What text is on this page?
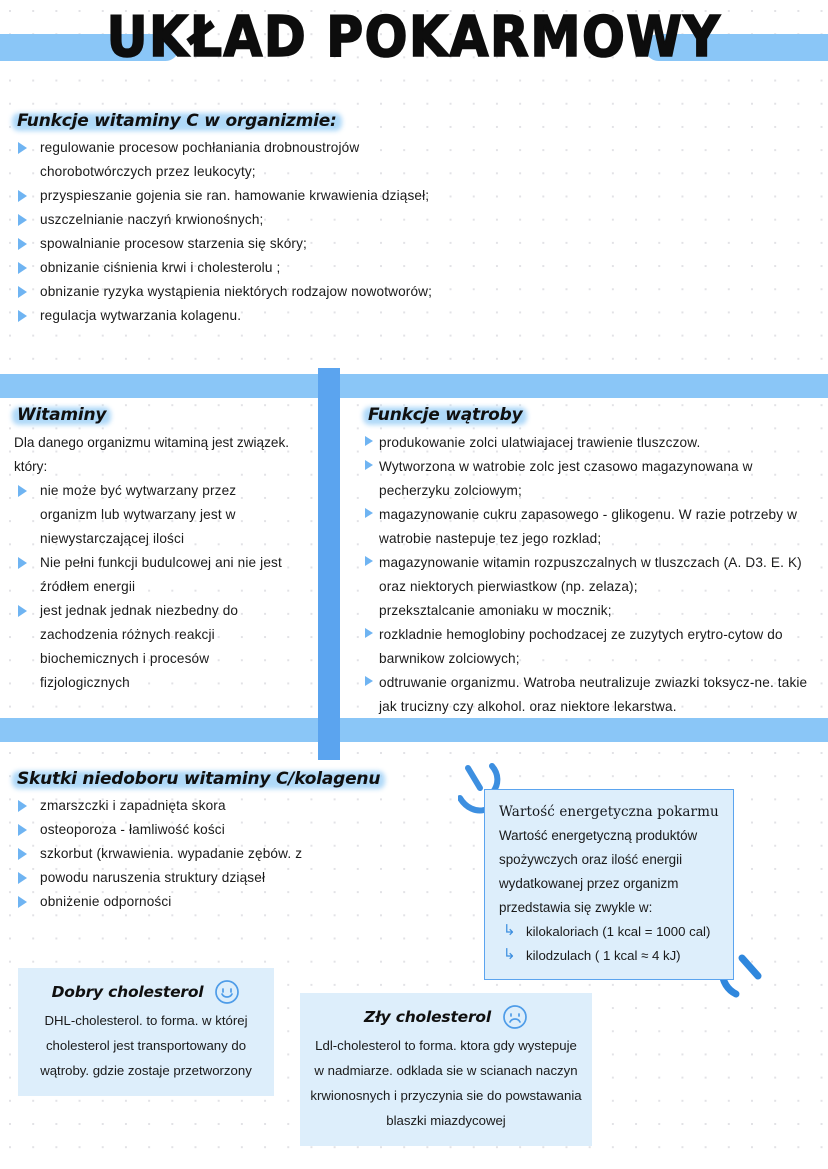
UKŁAD POKARMOWY
Funkcje witaminy C w organizmie:
regulowanie procesow pochłaniania drobnoustrojów chorobotwórczych przez leukocyty;
przyspieszanie gojenia sie ran. hamowanie krwawienia dziąseł;
uszczelnianie naczyń krwionośnych;
spowalnianie procesow starzenia się skóry;
obnizanie ciśnienia krwi i cholesterolu ;
obnizanie ryzyka wystąpienia niektórych rodzajow nowotworów;
regulacja wytwarzania kolagenu.
Witaminy
Dla danego organizmu witaminą jest związek. który:
nie może być wytwarzany przez organizm lub wytwarzany jest w niewystarczającej ilości
Nie pełni funkcji budulcowej ani nie jest źródłem energii
jest jednak jednak niezbedny do zachodzenia różnych reakcji biochemicznych i procesów fizjologicznych
Funkcje wątroby
produkowanie zolci ulatwiajacej trawienie tluszczow.
Wytworzona w watrobie zolc jest czasowo magazynowana w pecherzyku zolciowym;
magazynowanie cukru zapasowego - glikogenu. W razie potrzeby w watrobie nastepuje tez jego rozklad;
magazynowanie witamin rozpuszczalnych w tluszczach (A. D3. E. K) oraz niektorych pierwiastkow (np. zelaza);
przeksztalcanie amoniaku w mocznik;
rozkladnie hemoglobiny pochodzacej ze zuzytych erytro-cytow do barwnikow zolciowych;
odtruwanie organizmu. Watroba neutralizuje zwiazki toksycz-ne. takie jak trucizny czy alkohol. oraz niektore lekarstwa.
Skutki niedoboru witaminy C/kolagenu
zmarszczki i zapadnięta skora
osteoporoza - łamliwość kości
szkorbut (krwawienia. wypadanie zębów. z
powodu naruszenia struktury dziąseł
obniżenie odporności
Wartość energetyczna pokarmu
Wartość energetyczną produktów spożywczych oraz ilość energii wydatkowanej przez organizm przedstawia się zwykle w:
↳ kilokaloriach (1 kcal = 1000 cal)
↳ kilodzulach ( 1 kcal ≈ 4 kJ)
Dobry cholesterol
DHL-cholesterol. to forma. w której cholesterol jest transportowany do wątroby. gdzie zostaje przetworzony
Zły cholesterol
Ldl-cholesterol to forma. ktora gdy wystepuje w nadmiarze. odklada sie w scianach naczyn krwionosnych i przyczynia sie do powstawania blaszki miazdycowej
